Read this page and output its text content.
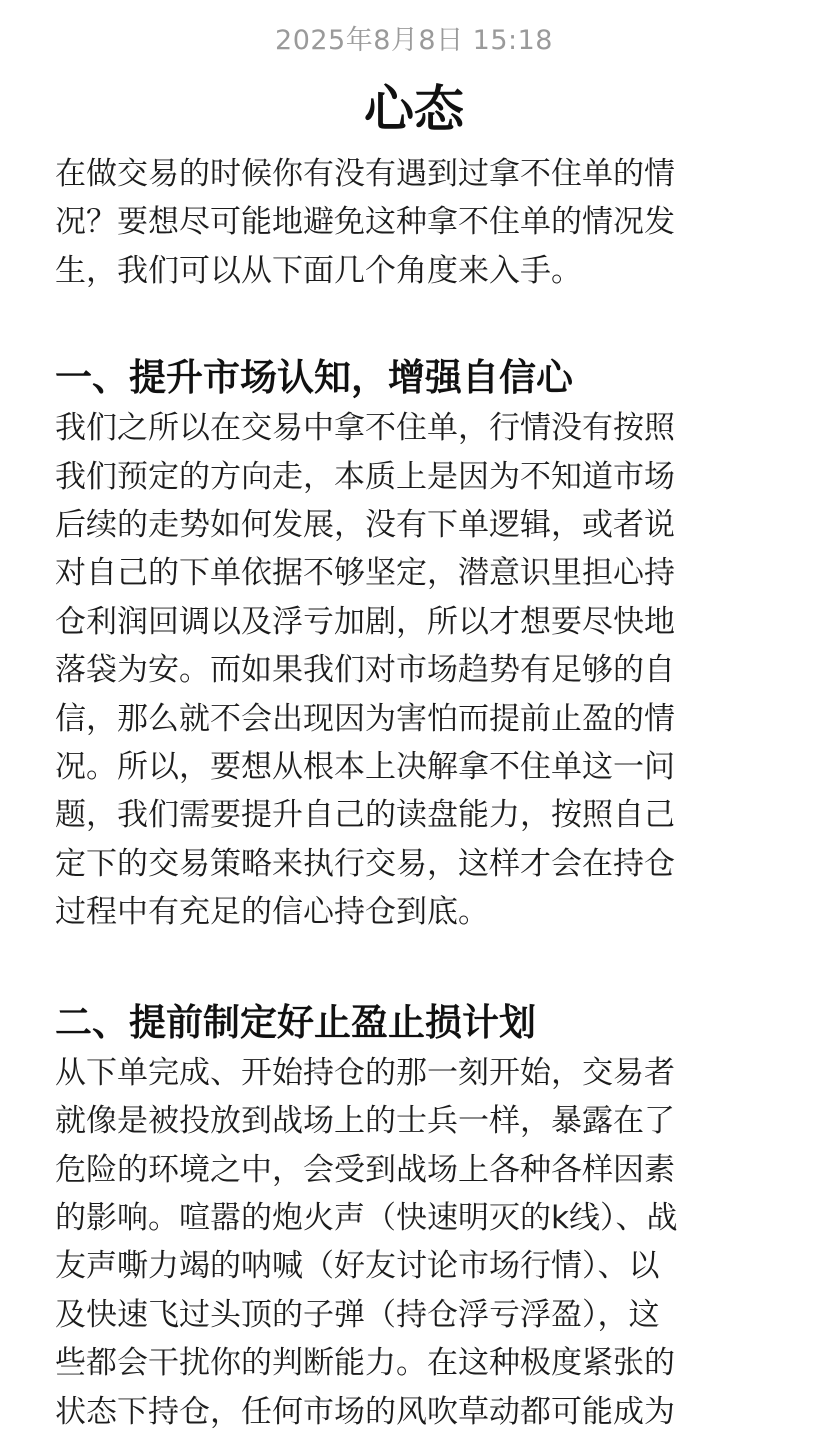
2025年8月8日 15:18
心态

在做交易的时候你有没有遇到过拿不住单的情
况？要想尽可能地避免这种拿不住单的情况发
生，我们可以从下面几个角度来入手。

一、提升市场认知，增强自信心

我们之所以在交易中拿不住单，行情没有按照
我们预定的方向走，本质上是因为不知道市场
后续的走势如何发展，没有下单逻辑，或者说
对自己的下单依据不够坚定，潜意识里担心持
仓利润回调以及浮亏加剧，所以才想要尽快地
落袋为安。而如果我们对市场趋势有足够的自
信，那么就不会出现因为害怕而提前止盈的情
况。所以，要想从根本上决解拿不住单这一问
题，我们需要提升自己的读盘能力，按照自己
定下的交易策略来执行交易，这样才会在持仓
过程中有充足的信心持仓到底。

二、提前制定好止盈止损计划

从下单完成、开始持仓的那一刻开始，交易者
就像是被投放到战场上的士兵一样，暴露在了
危险的环境之中，会受到战场上各种各样因素
的影响。喧嚣的炮火声（快速明灭的k线）、战
友声嘶力竭的呐喊（好友讨论市场行情）、以
及快速飞过头顶的子弹（持仓浮亏浮盈），这
些都会干扰你的判断能力。在这种极度紧张的
状态下持仓，任何市场的风吹草动都可能成为
